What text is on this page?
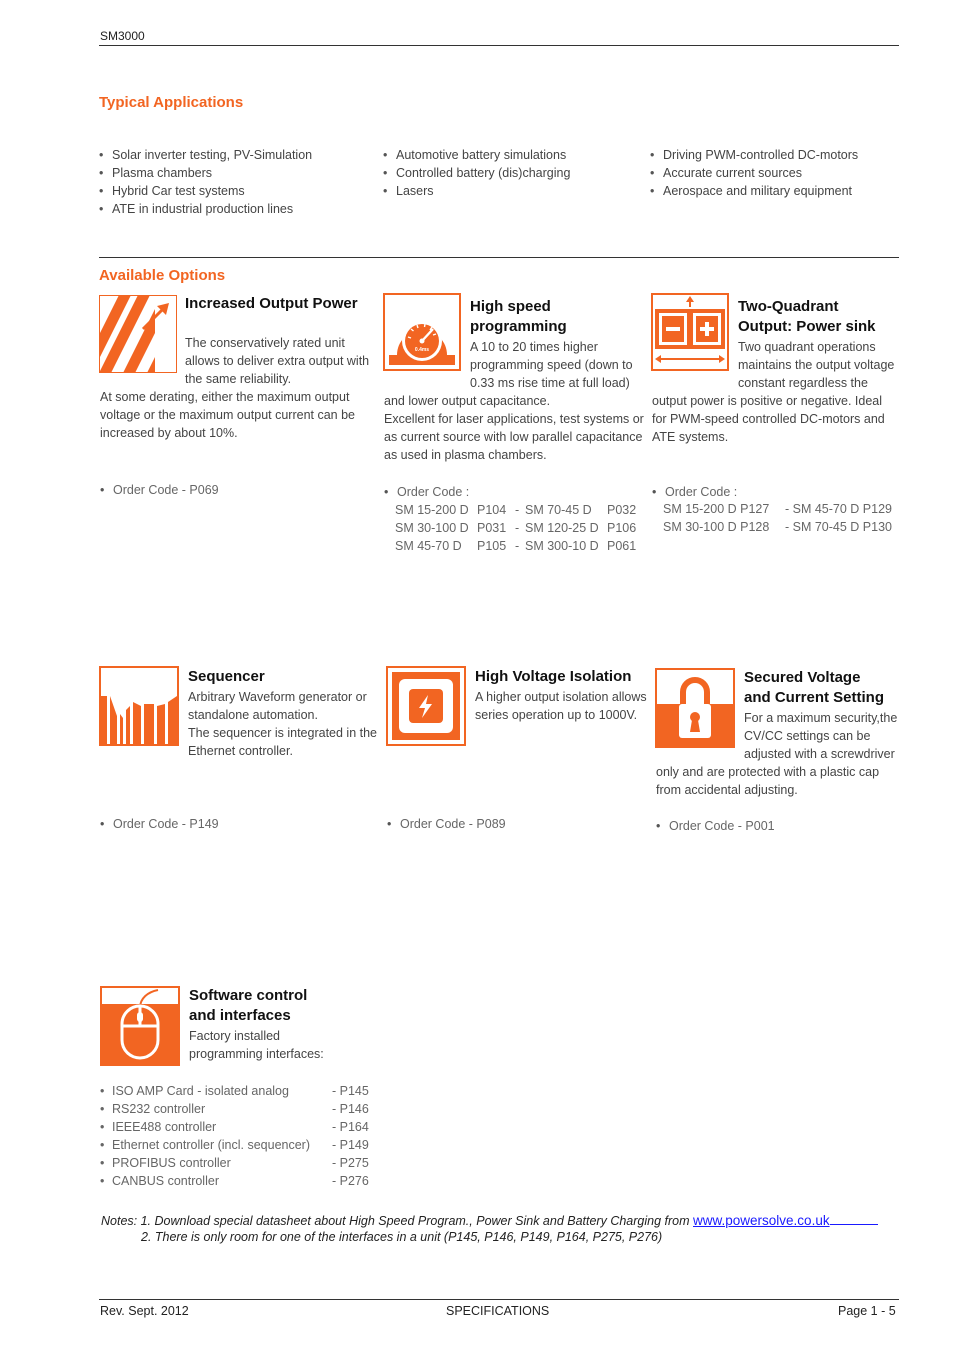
SM3000
Typical Applications
• Solar inverter testing, PV-Simulation
• Plasma chambers
• Hybrid Car test systems
• ATE in industrial production lines
• Automotive battery simulations
• Controlled battery (dis)charging
• Lasers
• Driving PWM-controlled DC-motors
• Accurate current sources
• Aerospace and military equipment
Available Options
Increased Output Power
The conservatively rated unit allows to deliver extra output with the same reliability.
At some derating, either the maximum output voltage or the maximum output current can be increased by about 10%.
• Order Code - P069
0.4ms
High speed
programming
A 10 to 20 times higher programming speed (down to 0.33 ms rise time at full load)
and lower output capacitance.
Excellent for laser applications, test systems or as current source with low parallel capacitance as used in plasma chambers.
• Order Code :
SM 15-200 D	P104	-	SM 70-45 D	P032
SM 30-100 D	P031	-	SM 120-25 D	P106
SM 45-70 D	P105	-	SM 300-10 D	P061
Two-Quadrant
Output: Power sink
Two quadrant operations maintains the output voltage constant regardless the
output power is positive or negative. Ideal for PWM-speed controlled DC-motors and ATE systems.
• Order Code :
SM 15-200 D P127	- SM 45-70 D P129
SM 30-100 D P128	- SM 70-45 D P130
Sequencer
Arbitrary Waveform generator or standalone automation.
The sequencer is integrated in the Ethernet controller.
• Order Code - P149
High Voltage Isolation
A higher output isolation allows series operation up to 1000V.
• Order Code - P089
Secured Voltage
and Current Setting
For a maximum security,the CV/CC settings can be adjusted with a screwdriver
only and are protected with a plastic cap from accidental adjusting.
• Order Code - P001
Software control
and interfaces
Factory installed programming interfaces:
• ISO AMP Card - isolated analog	- P145
• RS232 controller	- P146
• IEEE488 controller	- P164
• Ethernet controller (incl. sequencer)	- P149
• PROFIBUS controller	- P275
• CANBUS controller	- P276
Notes: 1. Download special datasheet about High Speed Program., Power Sink and Battery Charging from www.powersolve.co.uk
2. There is only room for one of the interfaces in a unit (P145, P146, P149, P164, P275, P276)
Rev. Sept. 2012	SPECIFICATIONS	Page 1 - 5
